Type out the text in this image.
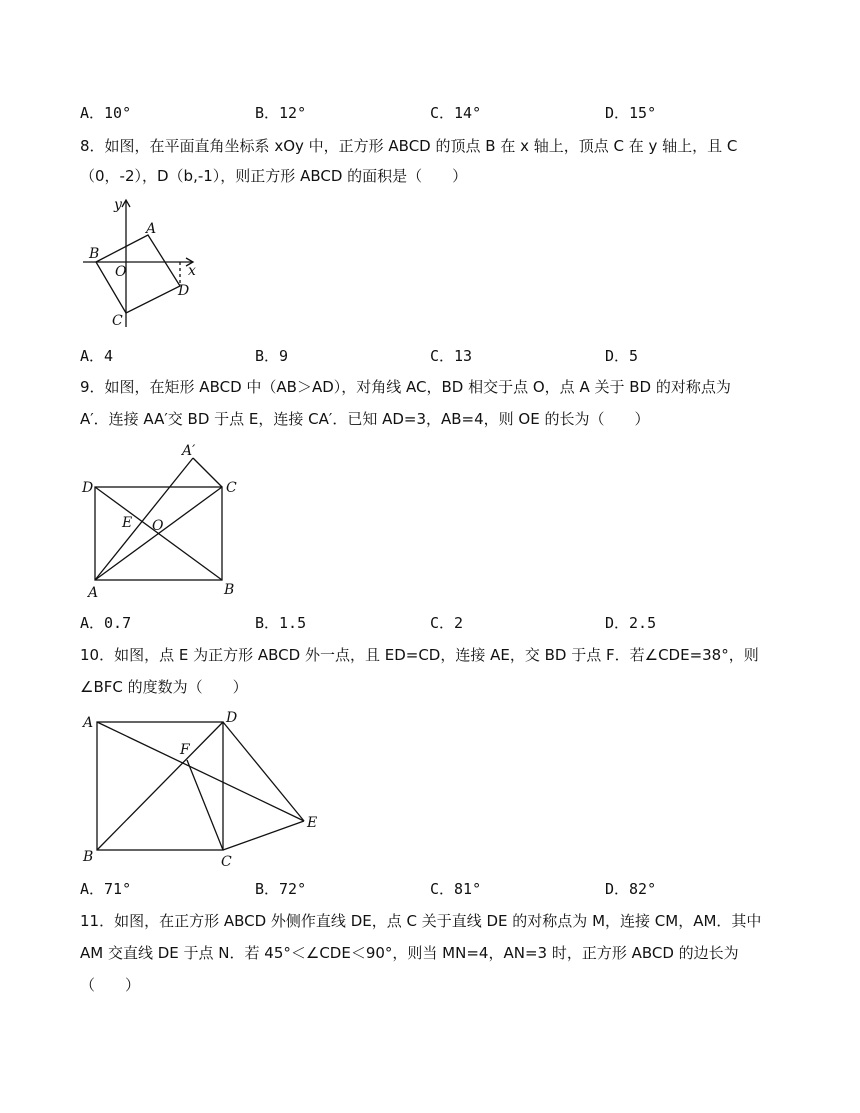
A．10°	B．12°	C．14°	D．15°
8．如图，在平面直角坐标系 xOy 中，正方形 ABCD 的顶点 B 在 x 轴上，顶点 C 在 y 轴上，且 C
（0，-2），D（b,-1），则正方形 ABCD 的面积是（　　）
y
x
A
B
O
C
D
A．4	B．9	C．13	D．5
9．如图，在矩形 ABCD 中（AB＞AD），对角线 AC，BD 相交于点 O，点 A 关于 BD 的对称点为
A′．连接 AA′交 BD 于点 E，连接 CA′．已知 AD=3，AB=4，则 OE 的长为（　　）
A′
D	C
E O
A	B
A．0.7	B．1.5	C．2	D．2.5
10．如图，点 E 为正方形 ABCD 外一点，且 ED=CD，连接 AE，交 BD 于点 F．若∠CDE=38°，则
∠BFC 的度数为（　　）
A	D
F
E
B	C
A．71°	B．72°	C．81°	D．82°
11．如图，在正方形 ABCD 外侧作直线 DE，点 C 关于直线 DE 的对称点为 M，连接 CM，AM．其中
AM 交直线 DE 于点 N．若 45°＜∠CDE＜90°，则当 MN=4，AN=3 时，正方形 ABCD 的边长为
（　　）
